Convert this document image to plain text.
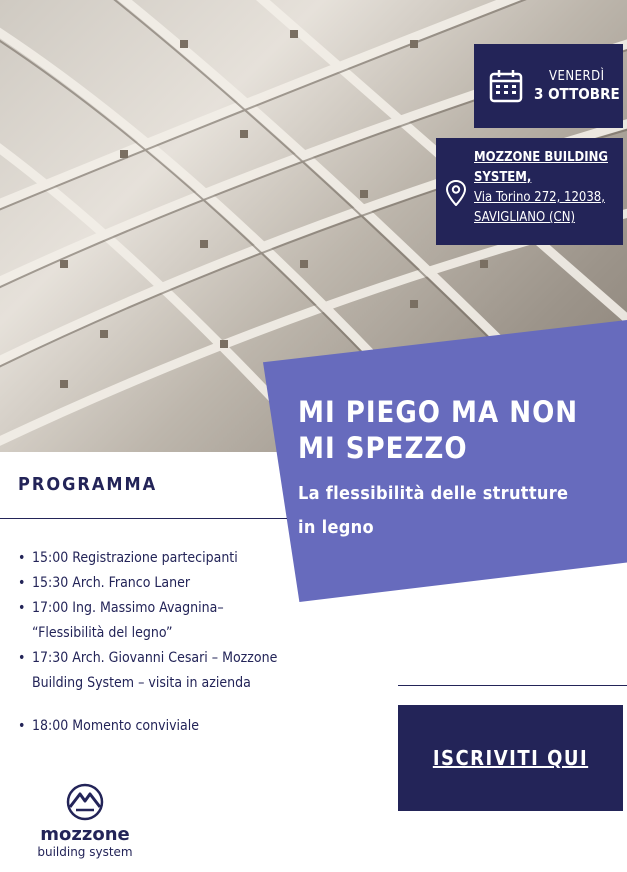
VENERDÌ
3 OTTOBRE
MOZZONE BUILDING
SYSTEM,
Via Torino 272, 12038,
SAVIGLIANO (CN)
MI PIEGO MA NON
MI SPEZZO
La flessibilità delle strutture
in legno
PROGRAMMA
• 15:00 Registrazione partecipanti
• 15:30 Arch. Franco Laner
• 17:00 Ing. Massimo Avagnina– “Flessibilità del legno”
• 17:30 Arch. Giovanni Cesari – Mozzone Building System – visita in azienda
• 18:00 Momento conviviale
ISCRIVITI QUI
mozzone
building system
